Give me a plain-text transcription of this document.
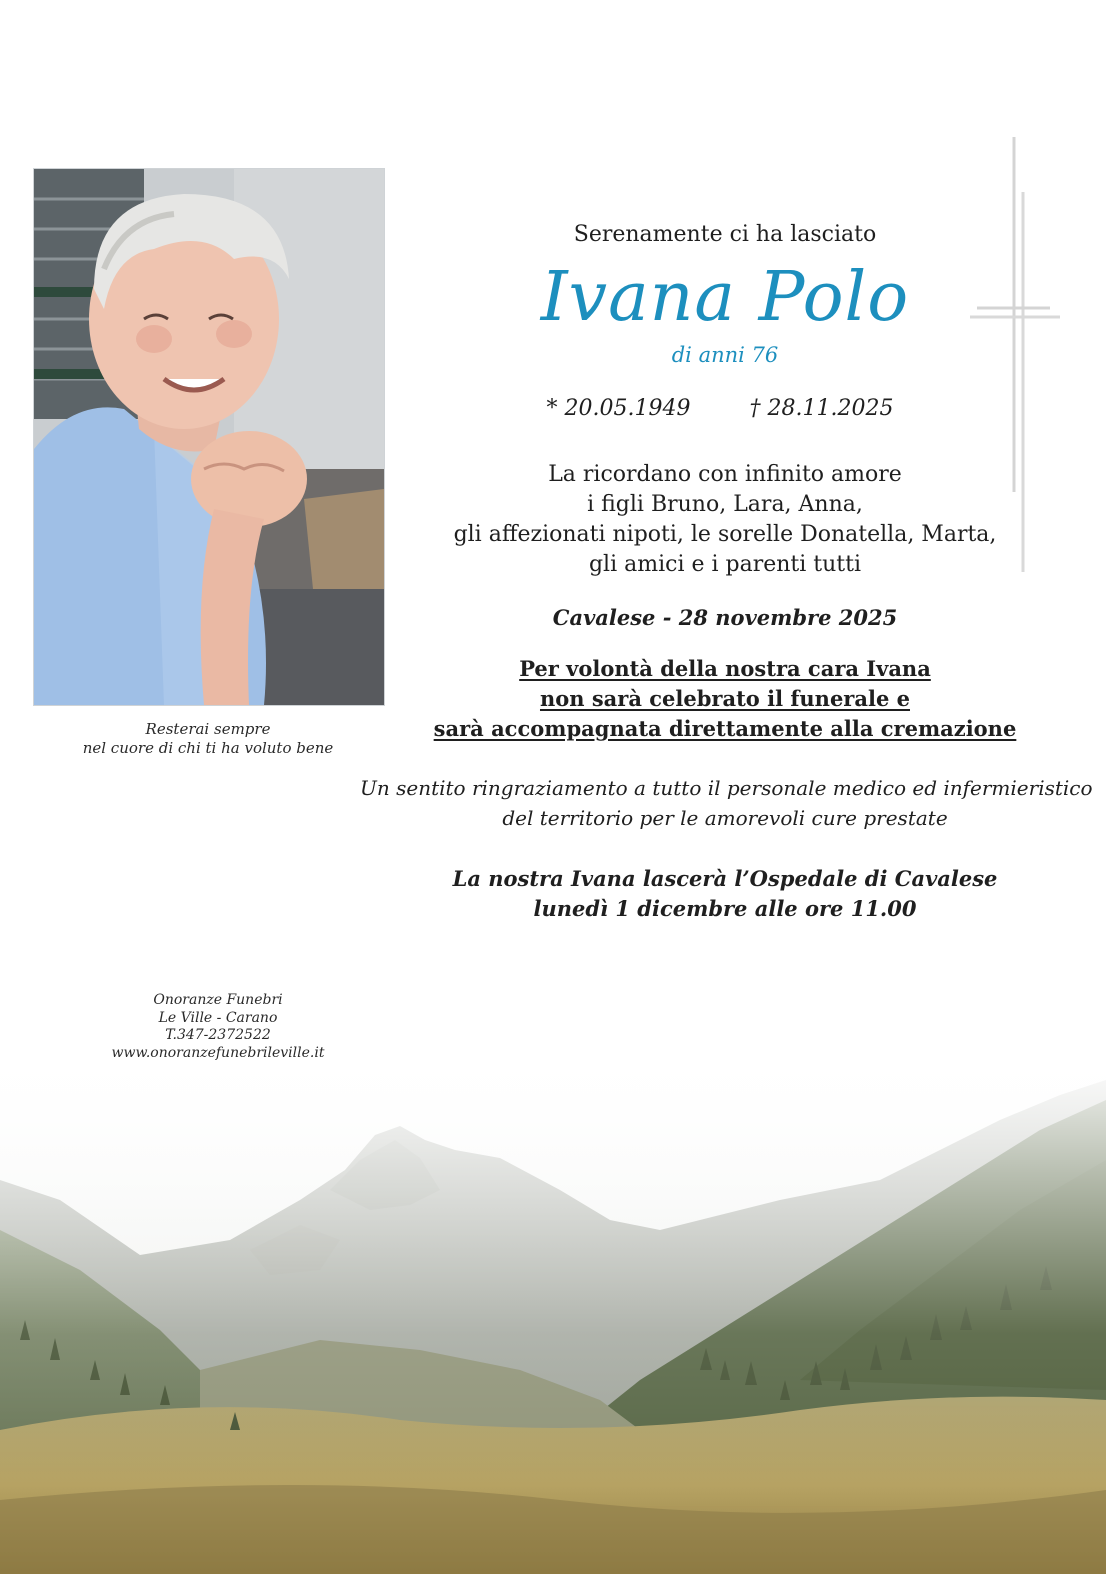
Resterai sempre
nel cuore di chi ti ha voluto bene
Onoranze Funebri
Le Ville - Carano
T.347-2372522
www.onoranzefunebrileville.it
Serenamente ci ha lasciato
Ivana Polo
di anni 76
* 20.05.1949	† 28.11.2025
La ricordano con infinito amore
i figli Bruno, Lara, Anna,
gli affezionati nipoti, le sorelle Donatella, Marta,
gli amici e i parenti tutti
Cavalese - 28 novembre 2025
Per volontà della nostra cara Ivana
non sarà celebrato il funerale e
sarà accompagnata direttamente alla cremazione
Un sentito ringraziamento a tutto il personale medico ed infermieristico
del territorio per le amorevoli cure prestate
La nostra Ivana lascerà l’Ospedale di Cavalese
lunedì 1 dicembre alle ore 11.00
